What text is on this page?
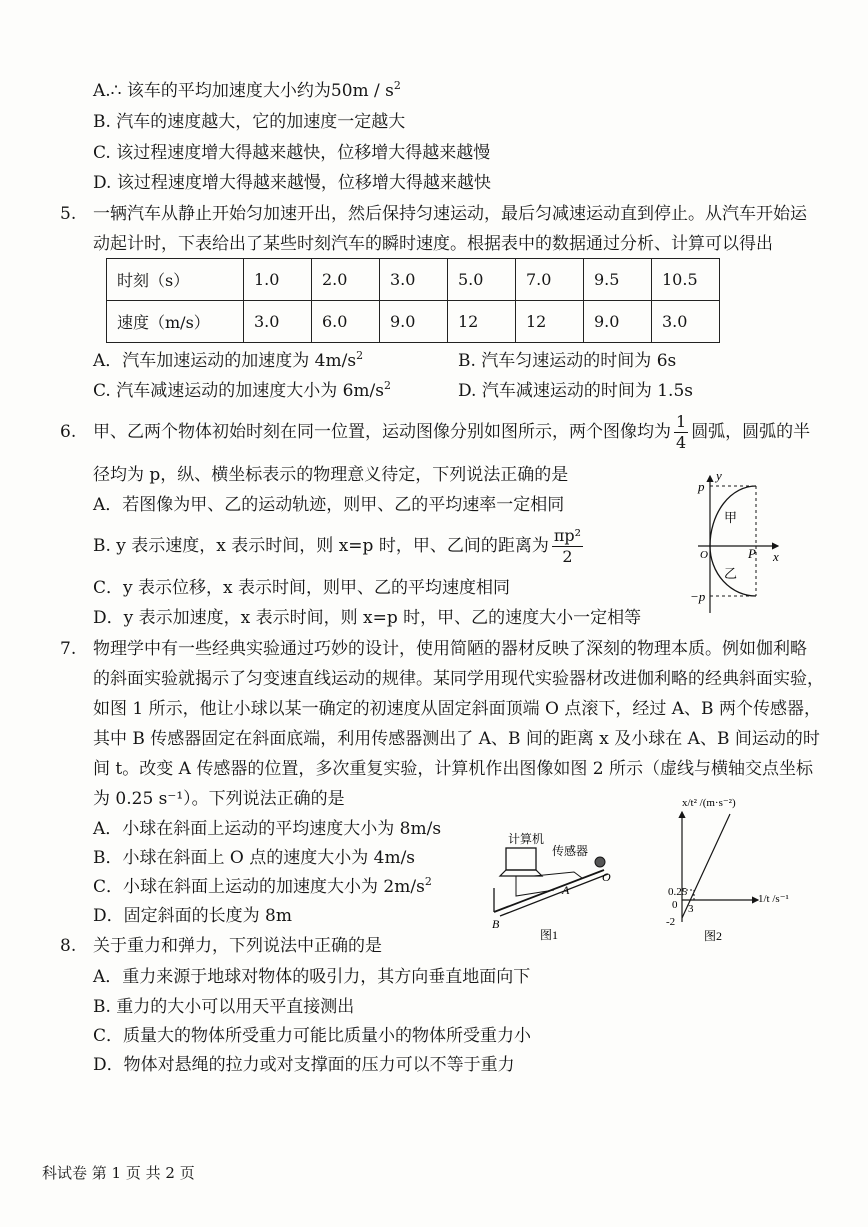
A.∴ 该车的平均加速度大小约为$50m / s^2$
B. 汽车的速度越大，它的加速度一定越大
C. 该过程速度增大得越来越快，位移增大得越来越慢
D. 该过程速度增大得越来越慢，位移增大得越来越快
5. 一辆汽车从静止开始匀加速开出，然后保持匀速运动，最后匀减速运动直到停止。从汽车开始运
动起计时，下表给出了某些时刻汽车的瞬时速度。根据表中的数据通过分析、计算可以得出
时刻（s）	1.0	2.0	3.0	5.0	7.0	9.5	10.5
速度（m/s）	3.0	6.0	9.0	12	12	9.0	3.0
A．汽车加速运动的加速度为 $4m/s^2$	B. 汽车匀速运动的时间为 6s
C. 汽车减速运动的加速度大小为 $6m/s^2$	D. 汽车减速运动的时间为 1.5s
6. 甲、乙两个物体初始时刻在同一位置，运动图像分别如图所示，两个图像均为 $\frac{1}{4}$ 圆弧，圆弧的半
径均为 p，纵、横坐标表示的物理意义待定，下列说法正确的是
A．若图像为甲、乙的运动轨迹，则甲、乙的平均速率一定相同
B. y 表示速度，x 表示时间，则 x=p 时，甲、乙间的距离为 $\frac{\text{πp²}}{2}$
C．y 表示位移，x 表示时间，则甲、乙的平均速度相同
D．y 表示加速度，x 表示时间，则 x=p 时，甲、乙的速度大小一定相等
y
x
p
−p
P
O
甲
乙
7. 物理学中有一些经典实验通过巧妙的设计，使用简陋的器材反映了深刻的物理本质。例如伽利略
的斜面实验就揭示了匀变速直线运动的规律。某同学用现代实验器材改进伽利略的经典斜面实验，
如图 1 所示，他让小球以某一确定的初速度从固定斜面顶端 O 点滚下，经过 A、B 两个传感器，
其中 B 传感器固定在斜面底端，利用传感器测出了 A、B 间的距离 x 及小球在 A、B 间运动的时
间 t。改变 A 传感器的位置，多次重复实验，计算机作出图像如图 2 所示（虚线与横轴交点坐标
为 0.25 s⁻¹）。下列说法正确的是
A．小球在斜面上运动的平均速度大小为 8m/s
B．小球在斜面上 O 点的速度大小为 4m/s
C．小球在斜面上运动的加速度大小为 $2m/s^2$
D．固定斜面的长度为 8m
计算机
传感器
O
A
B
图1
x/t² /(m·s⁻²)
1/t /s⁻¹
0.25
0 3
-2
图2
8. 关于重力和弹力，下列说法中正确的是
A．重力来源于地球对物体的吸引力，其方向垂直地面向下
B. 重力的大小可以用天平直接测出
C．质量大的物体所受重力可能比质量小的物体所受重力小
D．物体对悬绳的拉力或对支撑面的压力可以不等于重力
科试卷 第 1 页 共 2 页
